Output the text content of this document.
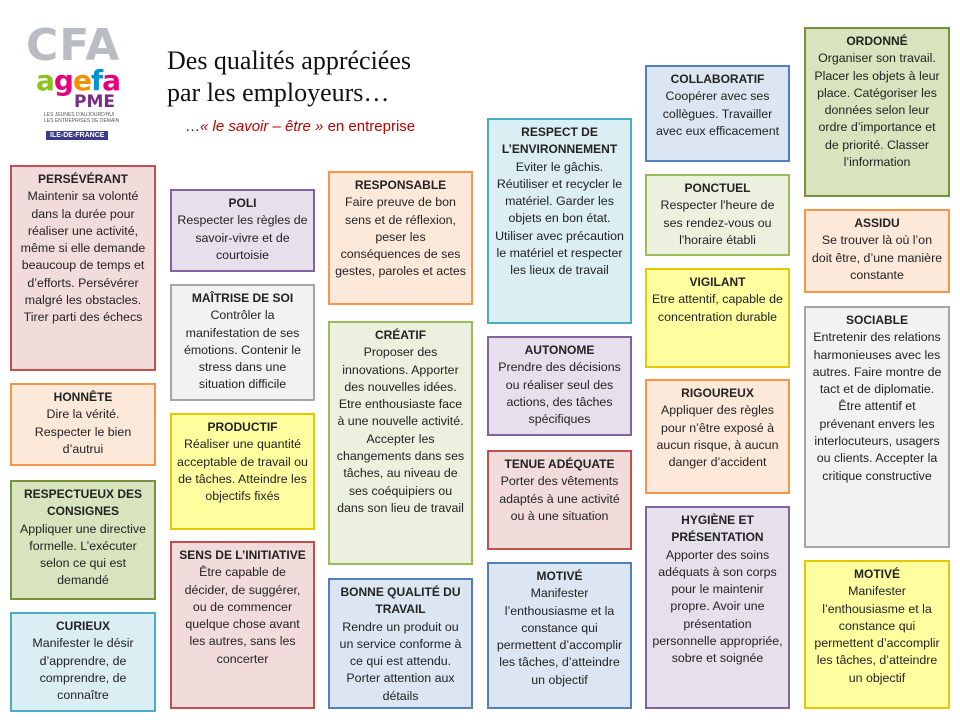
CFA
agefa
PME
LES JEUNES D'AUJOURD'HUI LES ENTREPRISES DE DEMAIN
ILE-DE-FRANCE
Des qualités appréciées
par les employeurs…
…« le savoir – être » en entreprise
PERSÉVÉRANT
Maintenir sa volonté dans la durée pour réaliser une activité, même si elle demande beaucoup de temps et d’efforts. Persévérer malgré les obstacles. Tirer parti des échecs
HONNÊTE
Dire la vérité. Respecter le bien d’autrui
RESPECTUEUX DES CONSIGNES
Appliquer une directive formelle. L’exécuter selon ce qui est demandé
CURIEUX
Manifester le désir d’apprendre, de comprendre, de connaître
POLI
Respecter les règles de savoir-vivre et de courtoisie
MAÎTRISE DE SOI
Contrôler la manifestation de ses émotions. Contenir le stress dans une situation difficile
PRODUCTIF
Réaliser une quantité acceptable de travail ou de tâches. Atteindre les objectifs fixés
SENS DE L’INITIATIVE
Être capable de décider, de suggérer, ou de commencer quelque chose avant les autres, sans les concerter
RESPONSABLE
Faire preuve de bon sens et de réflexion, peser les conséquences de ses gestes, paroles et actes
CRÉATIF
Proposer des innovations. Apporter des nouvelles idées. Etre enthousiaste face à une nouvelle activité. Accepter les changements dans ses tâches, au niveau de ses coéquipiers ou dans son lieu de travail
BONNE QUALITÉ DU TRAVAIL
Rendre un produit ou un service conforme à ce qui est attendu. Porter attention aux détails
RESPECT DE L’ENVIRONNEMENT
Eviter le gâchis. Réutiliser et recycler le matériel. Garder les objets en bon état. Utiliser avec précaution le matériel et respecter les lieux de travail
AUTONOME
Prendre des décisions ou réaliser seul des actions, des tâches spécifiques
TENUE ADÉQUATE
Porter des vêtements adaptés à une activité ou à une situation
MOTIVÉ
Manifester l’enthousiasme et la constance qui permettent d’accomplir les tâches, d’atteindre un objectif
COLLABORATIF
Coopérer avec ses collègues. Travailler avec eux efficacement
PONCTUEL
Respecter l'heure de ses rendez-vous ou l'horaire établi
VIGILANT
Etre attentif, capable de concentration durable
RIGOUREUX
Appliquer des règles pour n’être exposé à aucun risque, à aucun danger d’accident
HYGIÈNE ET PRÉSENTATION
Apporter des soins adéquats à son corps pour le maintenir propre. Avoir une présentation personnelle appropriée, sobre et soignée
ORDONNÉ
Organiser son travail. Placer les objets à leur place. Catégoriser les données selon leur ordre d’importance et de priorité. Classer l’information
ASSIDU
Se trouver là où l’on doit être, d’une manière constante
SOCIABLE
Entretenir des relations harmonieuses avec les autres. Faire montre de tact et de diplomatie. Être attentif et prévenant envers les interlocuteurs, usagers ou clients. Accepter la critique constructive
MOTIVÉ
Manifester l’enthousiasme et la constance qui permettent d’accomplir les tâches, d’atteindre un objectif
